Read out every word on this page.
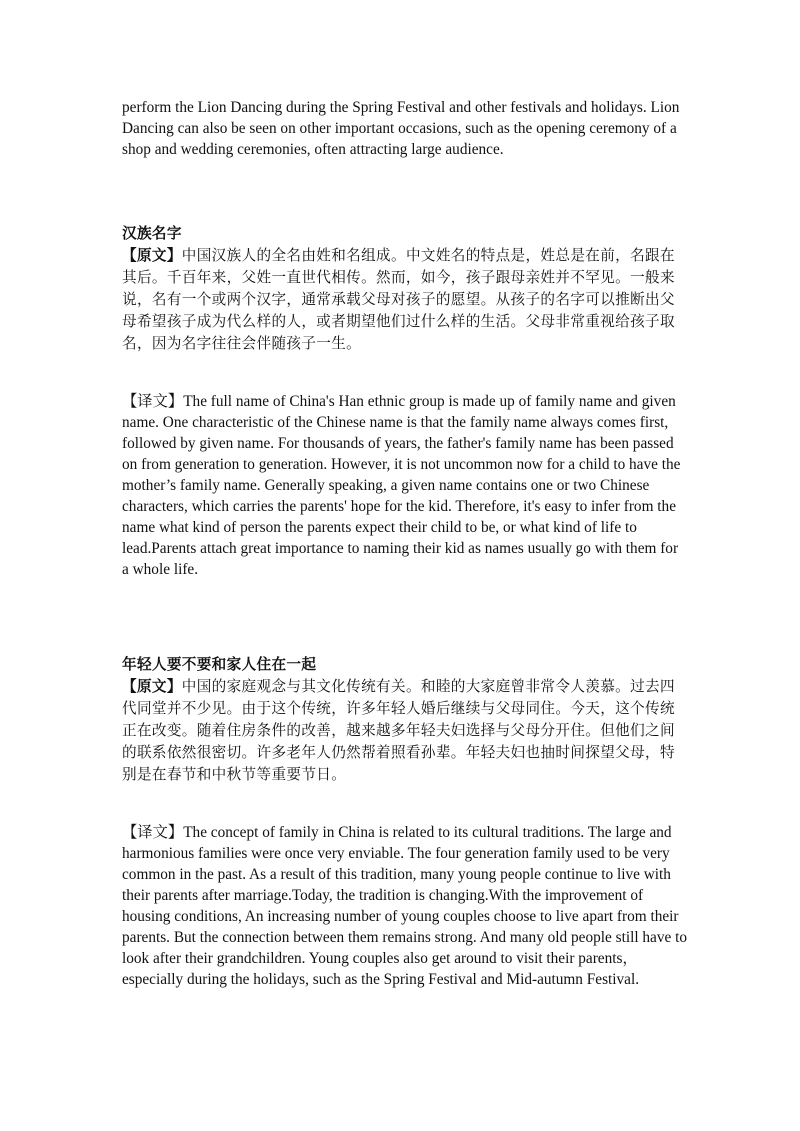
perform the Lion Dancing during the Spring Festival and other festivals and holidays. Lion Dancing can also be seen on other important occasions, such as the opening ceremony of a shop and wedding ceremonies, often attracting large audience.
汉族名字
【原文】中国汉族人的全名由姓和名组成。中文姓名的特点是，姓总是在前，名跟在其后。千百年来，父姓一直世代相传。然而，如今，孩子跟母亲姓并不罕见。一般来说，名有一个或两个汉字，通常承载父母对孩子的愿望。从孩子的名字可以推断出父母希望孩子成为代么样的人，或者期望他们过什么样的生活。父母非常重视给孩子取名，因为名字往往会伴随孩子一生。
【译文】The full name of China's Han ethnic group is made up of family name and given name. One characteristic of the Chinese name is that the family name always comes first, followed by given name. For thousands of years, the father's family name has been passed on from generation to generation. However, it is not uncommon now for a child to have the mother’s family name. Generally speaking, a given name contains one or two Chinese characters, which carries the parents' hope for the kid. Therefore, it's easy to infer from the name what kind of person the parents expect their child to be, or what kind of life to lead.Parents attach great importance to naming their kid as names usually go with them for a whole life.
年轻人要不要和家人住在一起
【原文】中国的家庭观念与其文化传统有关。和睦的大家庭曾非常令人羡慕。过去四代同堂并不少见。由于这个传统，许多年轻人婚后继续与父母同住。今天，这个传统正在改变。随着住房条件的改善，越来越多年轻夫妇选择与父母分开住。但他们之间的联系依然很密切。许多老年人仍然帮着照看孙辈。年轻夫妇也抽时间探望父母，特别是在春节和中秋节等重要节日。
【译文】The concept of family in China is related to its cultural traditions. The large and harmonious families were once very enviable. The four generation family used to be very common in the past. As a result of this tradition, many young people continue to live with their parents after marriage.Today, the tradition is changing.With the improvement of housing conditions, An increasing number of young couples choose to live apart from their parents. But the connection between them remains strong. And many old people still have to look after their grandchildren. Young couples also get around to visit their parents，especially during the holidays, such as the Spring Festival and Mid-autumn Festival.
